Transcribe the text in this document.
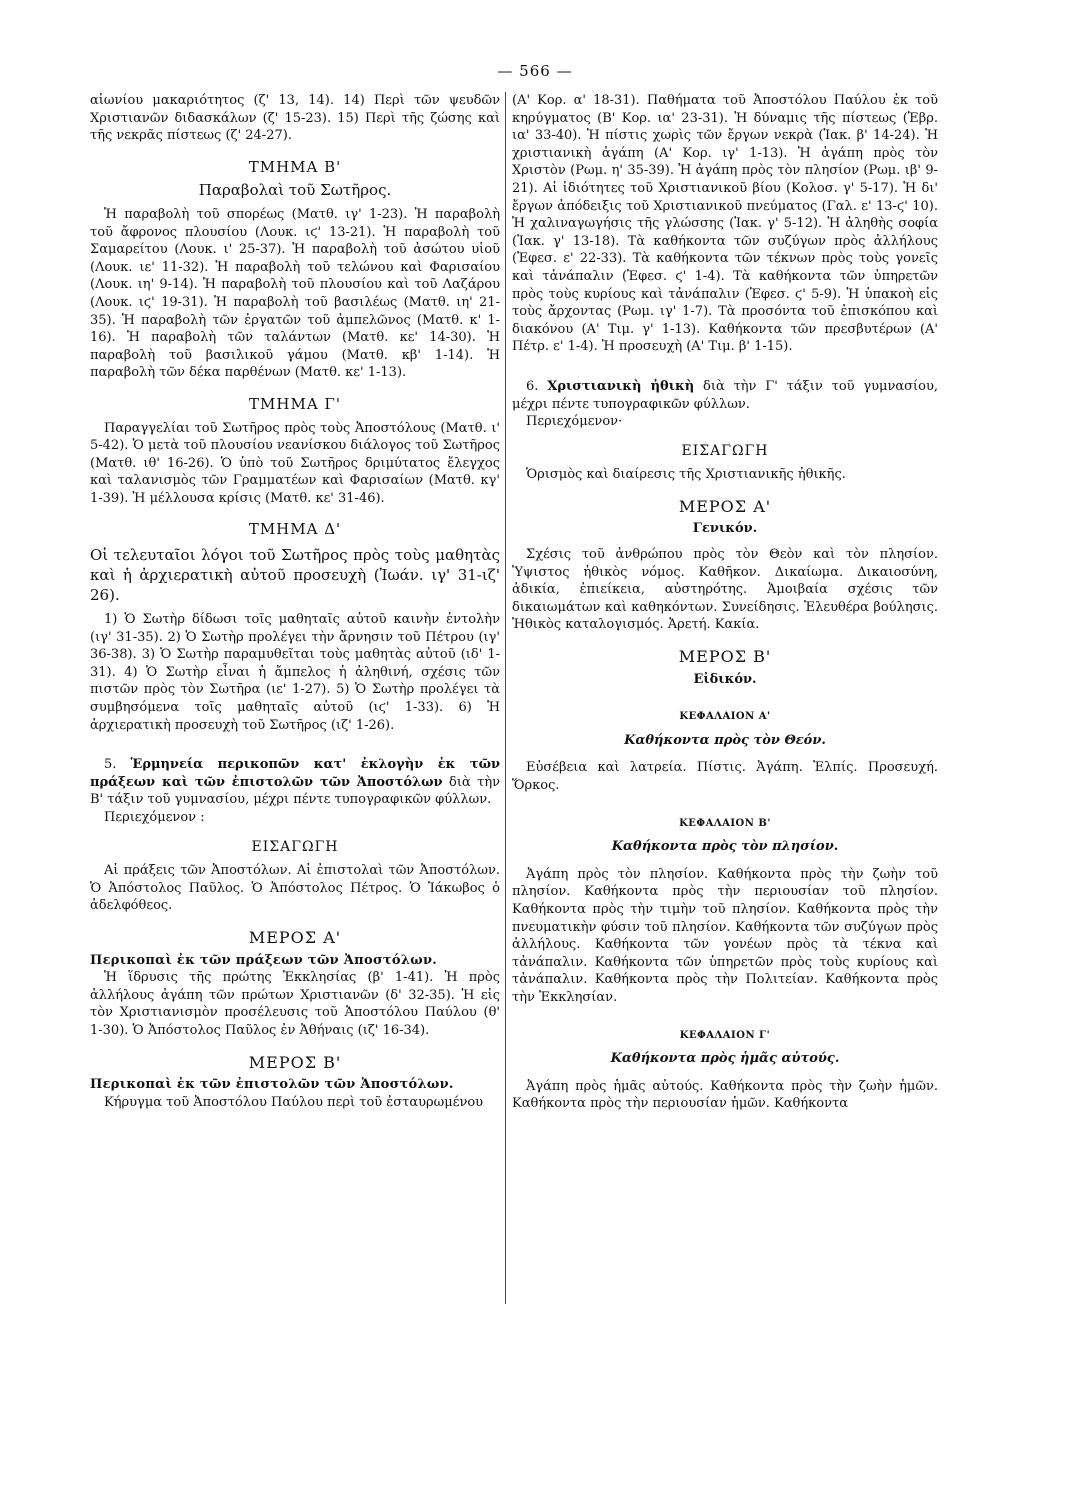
— 566 —

αἰωνίου μακαριότητος (ζ' 13, 14). 14) Περὶ τῶν ψευδῶν Χριστιανῶν διδασκάλων (ζ' 15-23). 15) Περὶ τῆς ζώσης καὶ τῆς νεκρᾶς πίστεως (ζ' 24-27).

ΤΜΗΜΑ Β'
Παραβολαὶ τοῦ Σωτῆρος.

Ἡ παραβολὴ τοῦ σπορέως (Ματθ. ιγ' 1-23). Ἡ παραβολὴ τοῦ ἄφρονος πλουσίου (Λουκ. ιϛ' 13-21). Ἡ παραβολὴ τοῦ Σαμαρείτου (Λουκ. ι' 25-37). Ἡ παραβολὴ τοῦ ἀσώτου υἱοῦ (Λουκ. ιε' 11-32). Ἡ παραβολὴ τοῦ τελώνου καὶ Φαρισαίου (Λουκ. ιη' 9-14). Ἡ παραβολὴ τοῦ πλουσίου καὶ τοῦ Λαζάρου (Λουκ. ιϛ' 19-31). Ἡ παραβολὴ τοῦ βασιλέως (Ματθ. ιη' 21-35). Ἡ παραβολὴ τῶν ἐργατῶν τοῦ ἀμπελῶνος (Ματθ. κ' 1-16). Ἡ παραβολὴ τῶν ταλάντων (Ματθ. κε' 14-30). Ἡ παραβολὴ τοῦ βασιλικοῦ γάμου (Ματθ. κβ' 1-14). Ἡ παραβολὴ τῶν δέκα παρθένων (Ματθ. κε' 1-13).

ΤΜΗΜΑ Γ'

Παραγγελίαι τοῦ Σωτῆρος πρὸς τοὺς Ἀποστόλους (Ματθ. ι' 5-42). Ὁ μετὰ τοῦ πλουσίου νεανίσκου διάλογος τοῦ Σωτῆρος (Ματθ. ιθ' 16-26). Ὁ ὑπὸ τοῦ Σωτῆρος δριμύτατος ἔλεγχος καὶ ταλανισμὸς τῶν Γραμματέων καὶ Φαρισαίων (Ματθ. κγ' 1-39). Ἡ μέλλουσα κρίσις (Ματθ. κε' 31-46).

ΤΜΗΜΑ Δ'

Οἱ τελευταῖοι λόγοι τοῦ Σωτῆρος πρὸς τοὺς μαθητὰς καὶ ἡ ἀρχιερατικὴ αὐτοῦ προσευχὴ (Ἰωάν. ιγ' 31-ιζ' 26).

1) Ὁ Σωτὴρ δίδωσι τοῖς μαθηταῖς αὐτοῦ καινὴν ἐντολὴν (ιγ' 31-35). 2) Ὁ Σωτὴρ προλέγει τὴν ἄρνησιν τοῦ Πέτρου (ιγ' 36-38). 3) Ὁ Σωτὴρ παραμυθεῖται τοὺς μαθητὰς αὐτοῦ (ιδ' 1-31). 4) Ὁ Σωτὴρ εἶναι ἡ ἄμπελος ἡ ἀληθινή, σχέσις τῶν πιστῶν πρὸς τὸν Σωτῆρα (ιε' 1-27). 5) Ὁ Σωτὴρ προλέγει τὰ συμβησόμενα τοῖς μαθηταῖς αὐτοῦ (ιϛ' 1-33). 6) Ἡ ἀρχιερατικὴ προσευχὴ τοῦ Σωτῆρος (ιζ' 1-26).

5. Ἑρμηνεία περικοπῶν κατ' ἐκλογὴν ἐκ τῶν πράξεων καὶ τῶν ἐπιστολῶν τῶν Ἀποστόλων διὰ τὴν Β' τάξιν τοῦ γυμνασίου, μέχρι πέντε τυπογραφικῶν φύλλων.

Περιεχόμενον :

ΕΙΣΑΓΩΓΗ

Αἱ πράξεις τῶν Ἀποστόλων. Αἱ ἐπιστολαὶ τῶν Ἀποστόλων. Ὁ Ἀπόστολος Παῦλος. Ὁ Ἀπόστολος Πέτρος. Ὁ Ἰάκωβος ὁ ἀδελφόθεος.

ΜΕΡΟΣ Α'
Περικοπαὶ ἐκ τῶν πράξεων τῶν Ἀποστόλων.

Ἡ ἵδρυσις τῆς πρώτης Ἐκκλησίας (β' 1-41). Ἡ πρὸς ἀλλήλους ἀγάπη τῶν πρώτων Χριστιανῶν (δ' 32-35). Ἡ εἰς τὸν Χριστιανισμὸν προσέλευσις τοῦ Ἀποστόλου Παύλου (θ' 1-30). Ὁ Ἀπόστολος Παῦλος ἐν Ἀθήναις (ιζ' 16-34).

ΜΕΡΟΣ Β'
Περικοπαὶ ἐκ τῶν ἐπιστολῶν τῶν Ἀποστόλων.

Κήρυγμα τοῦ Ἀποστόλου Παύλου περὶ τοῦ ἐσταυρωμένου

(Α' Κορ. α' 18-31). Παθήματα τοῦ Ἀποστόλου Παύλου ἐκ τοῦ κηρύγματος (Β' Κορ. ια' 23-31). Ἡ δύναμις τῆς πίστεως (Ἑβρ. ια' 33-40). Ἡ πίστις χωρὶς τῶν ἔργων νεκρὰ (Ἰακ. β' 14-24). Ἡ χριστιανικὴ ἀγάπη (Α' Κορ. ιγ' 1-13). Ἡ ἀγάπη πρὸς τὸν Χριστὸν (Ρωμ. η' 35-39). Ἡ ἀγάπη πρὸς τὸν πλησίον (Ρωμ. ιβ' 9-21). Αἱ ἰδιότητες τοῦ Χριστιανικοῦ βίου (Κολοσ. γ' 5-17). Ἡ δι' ἔργων ἀπόδειξις τοῦ Χριστιανικοῦ πνεύματος (Γαλ. ε' 13-ϛ' 10). Ἡ χαλιναγωγήσις τῆς γλώσσης (Ἰακ. γ' 5-12). Ἡ ἀληθὴς σοφία (Ἰακ. γ' 13-18). Τὰ καθήκοντα τῶν συζύγων πρὸς ἀλλήλους (Ἐφεσ. ε' 22-33). Τὰ καθήκοντα τῶν τέκνων πρὸς τοὺς γονεῖς καὶ τἀνάπαλιν (Ἐφεσ. ϛ' 1-4). Τὰ καθήκοντα τῶν ὑπηρετῶν πρὸς τοὺς κυρίους καὶ τἀνάπαλιν (Ἐφεσ. ϛ' 5-9). Ἡ ὑπακοὴ εἰς τοὺς ἄρχοντας (Ρωμ. ιγ' 1-7). Τὰ προσόντα τοῦ ἐπισκόπου καὶ διακόνου (Α' Τιμ. γ' 1-13). Καθήκοντα τῶν πρεσβυτέρων (Α' Πέτρ. ε' 1-4). Ἡ προσευχὴ (Α' Τιμ. β' 1-15).

6. Χριστιανικὴ ἠθικὴ διὰ τὴν Γ' τάξιν τοῦ γυμνασίου, μέχρι πέντε τυπογραφικῶν φύλλων.

Περιεχόμενον·

ΕΙΣΑΓΩΓΗ

Ὁρισμὸς καὶ διαίρεσις τῆς Χριστιανικῆς ἠθικῆς.

ΜΕΡΟΣ Α'
Γενικόν.

Σχέσις τοῦ ἀνθρώπου πρὸς τὸν Θεὸν καὶ τὸν πλησίον. Ὑψιστος ἠθικὸς νόμος. Καθῆκον. Δικαίωμα. Δικαιοσύνη, ἀδικία, ἐπιείκεια, αὐστηρότης. Ἀμοιβαία σχέσις τῶν δικαιωμάτων καὶ καθηκόντων. Συνείδησις. Ἐλευθέρα βούλησις. Ἠθικὸς καταλογισμός. Ἀρετή. Κακία.

ΜΕΡΟΣ Β'
Εἰδικόν.
ΚΕΦΑΛΑΙΟΝ Α'
Καθήκοντα πρὸς τὸν Θεόν.

Εὐσέβεια καὶ λατρεία. Πίστις. Ἀγάπη. Ἐλπίς. Προσευχή. Ὅρκος.

ΚΕΦΑΛΑΙΟΝ Β'
Καθήκοντα πρὸς τὸν πλησίον.

Ἀγάπη πρὸς τὸν πλησίον. Καθήκοντα πρὸς τὴν ζωὴν τοῦ πλησίον. Καθήκοντα πρὸς τὴν περιουσίαν τοῦ πλησίον. Καθήκοντα πρὸς τὴν τιμὴν τοῦ πλησίον. Καθήκοντα πρὸς τὴν πνευματικὴν φύσιν τοῦ πλησίον. Καθήκοντα τῶν συζύγων πρὸς ἀλλήλους. Καθήκοντα τῶν γονέων πρὸς τὰ τέκνα καὶ τἀνάπαλιν. Καθήκοντα τῶν ὑπηρετῶν πρὸς τοὺς κυρίους καὶ τἀνάπαλιν. Καθήκοντα πρὸς τὴν Πολιτείαν. Καθήκοντα πρὸς τὴν Ἐκκλησίαν.

ΚΕΦΑΛΑΙΟΝ Γ'
Καθήκοντα πρὸς ἡμᾶς αὐτούς.

Ἀγάπη πρὸς ἡμᾶς αὐτούς. Καθήκοντα πρὸς τὴν ζωὴν ἡμῶν. Καθήκοντα πρὸς τὴν περιουσίαν ἡμῶν. Καθήκοντα
